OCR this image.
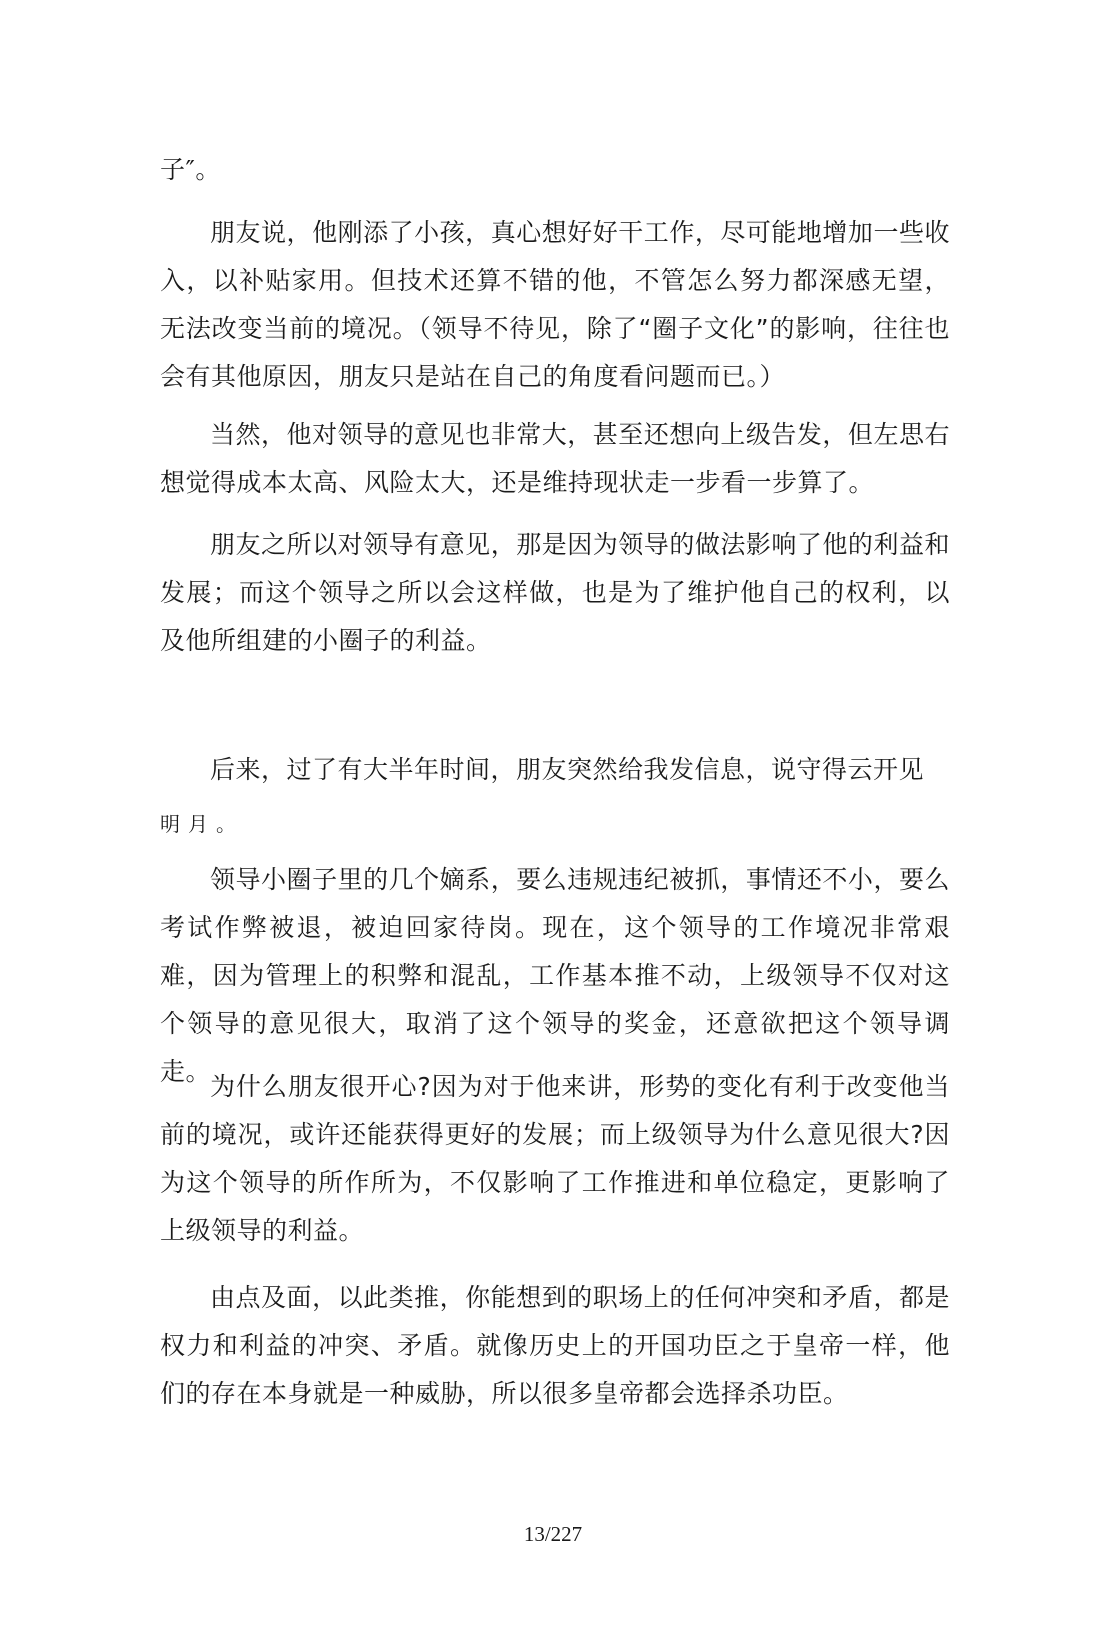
子″。

朋友说，他刚添了小孩，真心想好好干工作，尽可能地增加一些收入，以补贴家用。但技术还算不错的他，不管怎么努力都深感无望，无法改变当前的境况。（领导不待见，除了“圈子文化”的影响，往往也会有其他原因，朋友只是站在自己的角度看问题而已。）

当然，他对领导的意见也非常大，甚至还想向上级告发，但左思右想觉得成本太高、风险太大，还是维持现状走一步看一步算了。

朋友之所以对领导有意见，那是因为领导的做法影响了他的利益和发展；而这个领导之所以会这样做，也是为了维护他自己的权利，以及他所组建的小圈子的利益。

后来，过了有大半年时间，朋友突然给我发信息，说守得云开见

明月。

领导小圈子里的几个嫡系，要么违规违纪被抓，事情还不小，要么考试作弊被退，被迫回家待岗。现在，这个领导的工作境况非常艰难，因为管理上的积弊和混乱，工作基本推不动，上级领导不仅对这个领导的意见很大，取消了这个领导的奖金，还意欲把这个领导调走。

为什么朋友很开心?因为对于他来讲，形势的变化有利于改变他当前的境况，或许还能获得更好的发展；而上级领导为什么意见很大?因为这个领导的所作所为，不仅影响了工作推进和单位稳定，更影响了上级领导的利益。

由点及面，以此类推，你能想到的职场上的任何冲突和矛盾，都是权力和利益的冲突、矛盾。就像历史上的开国功臣之于皇帝一样，他们的存在本身就是一种威胁，所以很多皇帝都会选择杀功臣。

13/227
